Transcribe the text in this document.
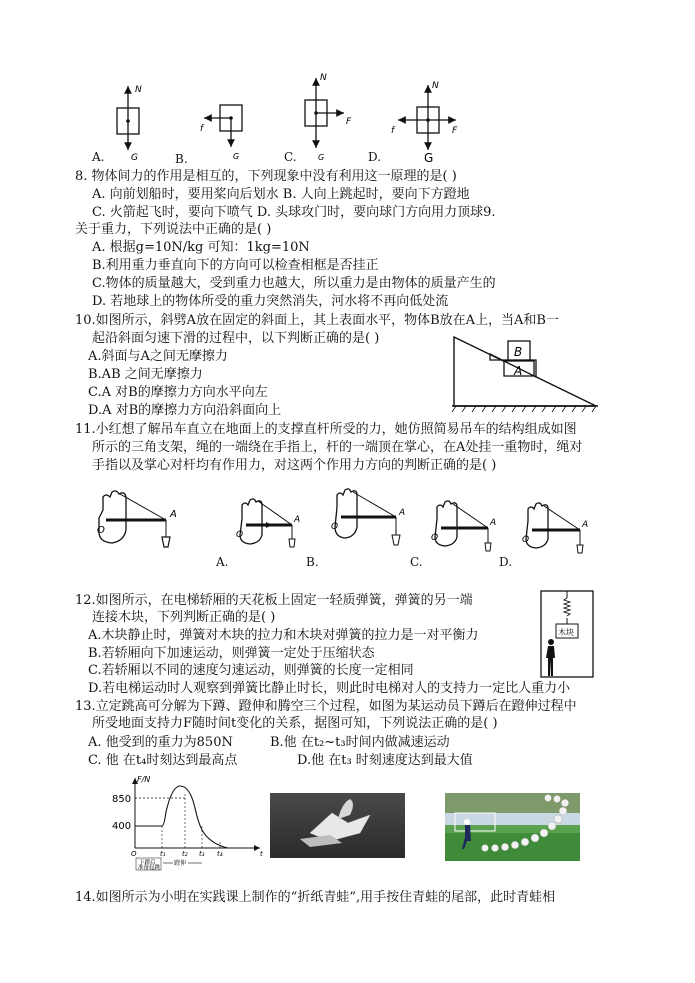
N
G
f
G
N
F
G
N
f	F
G
A.	B.	C.	D.
8. 物体间力的作用是相互的，下列现象中没有利用这一原理的是( )
A. 向前划船时，要用桨向后划水 B. 人向上跳起时，要向下方蹬地
C. 火箭起飞时，要向下喷气 D. 头球攻门时，要向球门方向用力顶球9.
关于重力，下列说法中正确的是( )
A. 根据g=10N/kg 可知：1kg=10N
B.利用重力垂直向下的方向可以检查相框是否挂正
C.物体的质量越大，受到重力也越大，所以重力是由物体的质量产生的
D. 若地球上的物体所受的重力突然消失，河水将不再向低处流
10.如图所示，斜劈A放在固定的斜面上，其上表面水平，物体B放在A上，当A和B一
起沿斜面匀速下滑的过程中，以下判断正确的是( )
A.斜面与A之间无摩擦力
B.AB 之间无摩擦力
C.A 对B的摩擦力方向水平向左
D.A 对B的摩擦力方向沿斜面向上
B
A
11.小红想了解吊车直立在地面上的支撑直杆所受的力，她仿照简易吊车的结构组成如图
所示的三角支架，绳的一端绕在手指上，杆的一端顶在掌心，在A处挂一重物时，绳对
手指以及掌心对杆均有作用力，对这两个作用力方向的判断正确的是( )
A
O
A
O
A
O	A
O
A
O
A.	B.	C.	D.
12.如图所示，在电梯轿厢的天花板上固定一轻质弹簧，弹簧的另一端
连接木块，下列判断正确的是( )
A.木块静止时，弹簧对木块的拉力和木块对弹簧的拉力是一对平衡力
B.若轿厢向下加速运动，则弹簧一定处于压缩状态
C.若轿厢以不同的速度匀速运动，则弹簧的长度一定相同
D.若电梯运动时人观察到弹簧比静止时长，则此时电梯对人的支持力一定比人重力小
木块
13.立定跳高可分解为下蹲、蹬伸和腾空三个过程，如图为某运动员下蹲后在蹬伸过程中
所受地面支持力F随时间t变化的关系，据图可知，下列说法正确的是( )
A. 他受到的重力为850N	B.他 在t₂~t₃时间内做减速运动
C. 他 在t₄时刻达到最高点	D.他 在t₃ 时刻速度达到最大值
F/N
850
400
O	t₁ t₂ t₃ t₄	t
下蹲后
准备起跳
蹬伸
14.如图所示为小明在实践课上制作的“折纸青蛙”,用手按住青蛙的尾部，此时青蛙相
